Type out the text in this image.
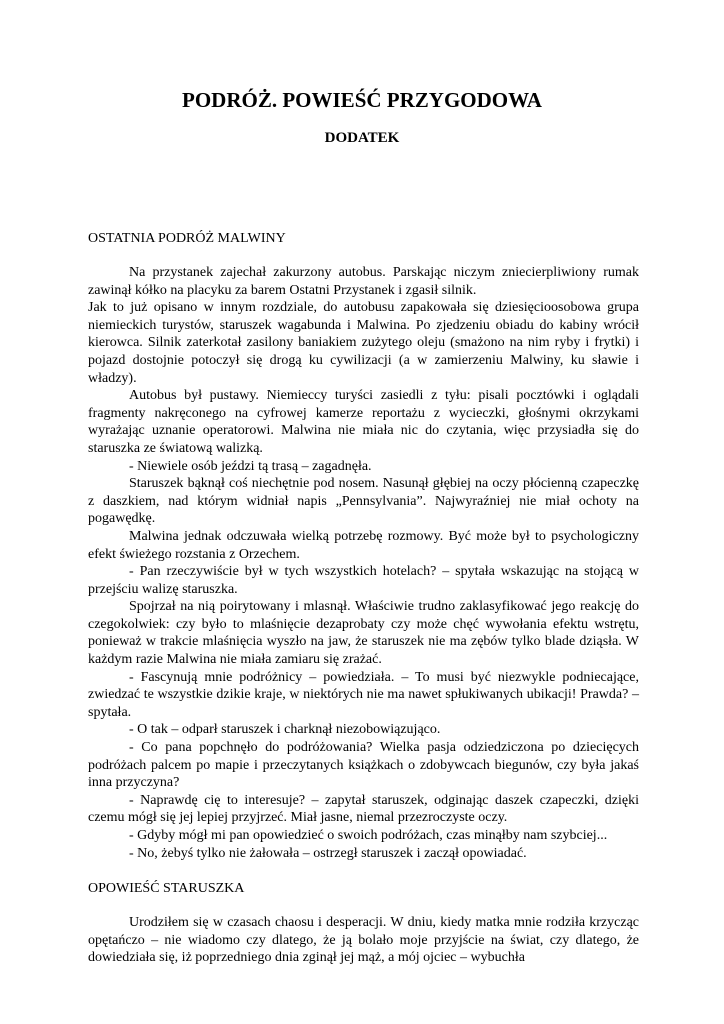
PODRÓŻ. POWIEŚĆ PRZYGODOWA
DODATEK
OSTATNIA PODRÓŻ MALWINY

Na przystanek zajechał zakurzony autobus. Parskając niczym zniecierpliwiony rumak zawinął kółko na placyku za barem Ostatni Przystanek i zgasił silnik.

Jak to już opisano w innym rozdziale, do autobusu zapakowała się dziesięcioosobowa grupa niemieckich turystów, staruszek wagabunda i Malwina. Po zjedzeniu obiadu do kabiny wrócił kierowca. Silnik zaterkotał zasilony baniakiem zużytego oleju (smażono na nim ryby i frytki) i pojazd dostojnie potoczył się drogą ku cywilizacji (a w zamierzeniu Malwiny, ku sławie i władzy).

Autobus był pustawy. Niemieccy turyści zasiedli z tyłu: pisali pocztówki i oglądali fragmenty nakręconego na cyfrowej kamerze reportażu z wycieczki, głośnymi okrzykami wyrażając uznanie operatorowi. Malwina nie miała nic do czytania, więc przysiadła się do staruszka ze światową walizką.

- Niewiele osób jeździ tą trasą – zagadnęła.

Staruszek bąknął coś niechętnie pod nosem. Nasunął głębiej na oczy płócienną czapeczkę z daszkiem, nad którym widniał napis „Pennsylvania”. Najwyraźniej nie miał ochoty na pogawędkę.

Malwina jednak odczuwała wielką potrzebę rozmowy. Być może był to psychologiczny efekt świeżego rozstania z Orzechem.

- Pan rzeczywiście był w tych wszystkich hotelach? – spytała wskazując na stojącą w przejściu walizę staruszka.

Spojrzał na nią poirytowany i mlasnął. Właściwie trudno zaklasyfikować jego reakcję do czegokolwiek: czy było to mlaśnięcie dezaprobaty czy może chęć wywołania efektu wstrętu, ponieważ w trakcie mlaśnięcia wyszło na jaw, że staruszek nie ma zębów tylko blade dziąsła. W każdym razie Malwina nie miała zamiaru się zrażać.

- Fascynują mnie podróżnicy – powiedziała. – To musi być niezwykle podniecające, zwiedzać te wszystkie dzikie kraje, w niektórych nie ma nawet spłukiwanych ubikacji! Prawda? – spytała.

- O tak – odparł staruszek i charknął niezobowiązująco.

- Co pana popchnęło do podróżowania? Wielka pasja odziedziczona po dziecięcych podróżach palcem po mapie i przeczytanych książkach o zdobywcach biegunów, czy była jakaś inna przyczyna?

- Naprawdę cię to interesuje? – zapytał staruszek, odginając daszek czapeczki, dzięki czemu mógł się jej lepiej przyjrzeć. Miał jasne, niemal przezroczyste oczy.

- Gdyby mógł mi pan opowiedzieć o swoich podróżach, czas minąłby nam szybciej...

- No, żebyś tylko nie żałowała – ostrzegł staruszek i zaczął opowiadać.

OPOWIEŚĆ STARUSZKA

Urodziłem się w czasach chaosu i desperacji. W dniu, kiedy matka mnie rodziła krzycząc opętańczo – nie wiadomo czy dlatego, że ją bolało moje przyjście na świat, czy dlatego, że dowiedziała się, iż poprzedniego dnia zginął jej mąż, a mój ojciec – wybuchła
